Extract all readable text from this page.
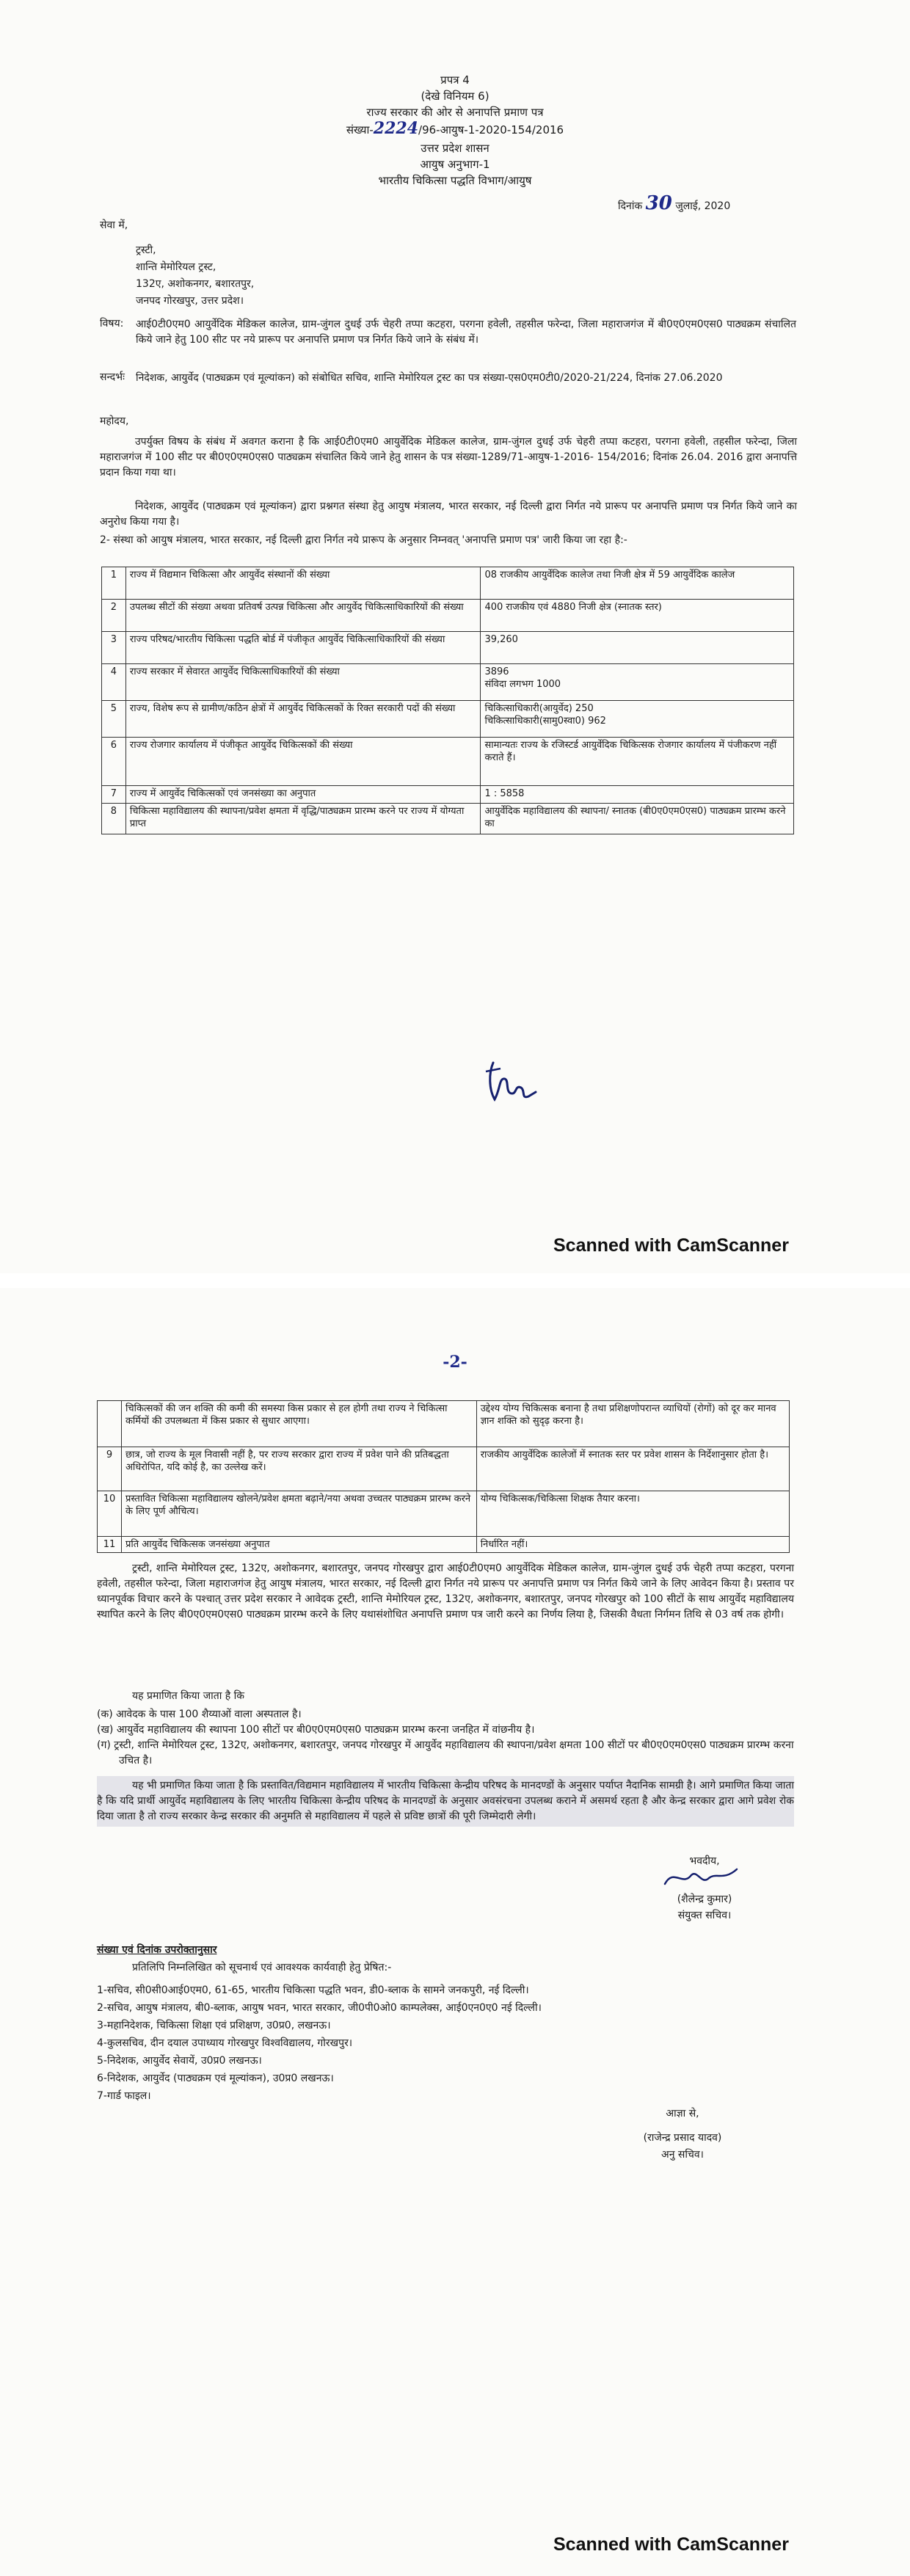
प्रपत्र 4
(देखे विनियम 6)
राज्य सरकार की ओर से अनापत्ति प्रमाण पत्र
संख्या-2224/96-आयुष-1-2020-154/2016
उत्तर प्रदेश शासन
आयुष अनुभाग-1
भारतीय चिकित्सा पद्धति विभाग/आयुष
दिनांक 30 जुलाई, 2020
सेवा में,
ट्रस्टी,
शान्ति मेमोरियल ट्रस्ट,
132ए, अशोकनगर, बशारतपुर,
जनपद गोरखपुर, उत्तर प्रदेश।
विषय: आई0टी0एम0 आयुर्वेदिक मेडिकल कालेज, ग्राम-जुंगल दुधई उर्फ चेहरी तप्पा कटहरा, परगना हवेली, तहसील फरेन्दा, जिला महाराजगंज में बी0ए0एम0एस0 पाठ्यक्रम संचालित किये जाने हेतु 100 सीट पर नये प्रारूप पर अनापत्ति प्रमाण पत्र निर्गत किये जाने के संबंध में।
सन्दर्भः निदेशक, आयुर्वेद (पाठ्यक्रम एवं मूल्यांकन) को संबोधित सचिव, शान्ति मेमोरियल ट्रस्ट का पत्र संख्या-एस0एम0टी0/2020-21/224, दिनांक 27.06.2020
महोदय,
उपर्युक्त विषय के संबंध में अवगत कराना है कि आई0टी0एम0 आयुर्वेदिक मेडिकल कालेज, ग्राम-जुंगल दुधई उर्फ चेहरी तप्पा कटहरा, परगना हवेली, तहसील फरेन्दा, जिला महाराजगंज में 100 सीट पर बी0ए0एम0एस0 पाठ्यक्रम संचालित किये जाने हेतु शासन के पत्र संख्या-1289/71-आयुष-1-2016- 154/2016; दिनांक 26.04. 2016 द्वारा अनापत्ति प्रदान किया गया था।
निदेशक, आयुर्वेद (पाठ्यक्रम एवं मूल्यांकन) द्वारा प्रश्नगत संस्था हेतु आयुष मंत्रालय, भारत सरकार, नई दिल्ली द्वारा निर्गत नये प्रारूप पर अनापत्ति प्रमाण पत्र निर्गत किये जाने का अनुरोध किया गया है।
2- संस्था को आयुष मंत्रालय, भारत सरकार, नई दिल्ली द्वारा निर्गत नये प्रारूप के अनुसार निम्नवत् 'अनापत्ति प्रमाण पत्र' जारी किया जा रहा है:-
1	राज्य में विद्यमान चिकित्सा और आयुर्वेद संस्थानों की संख्या	08 राजकीय आयुर्वेदिक कालेज तथा निजी क्षेत्र में 59 आयुर्वेदिक कालेज
2	उपलब्ध सीटों की संख्या अथवा प्रतिवर्ष उत्पन्न चिकित्सा और आयुर्वेद चिकित्साधिकारियों की संख्या	400 राजकीय एवं 4880 निजी क्षेत्र (स्नातक स्तर)
3	राज्य परिषद/भारतीय चिकित्सा पद्धति बोर्ड में पंजीकृत आयुर्वेद चिकित्साधिकारियों की संख्या	39,260
4	राज्य सरकार में सेवारत आयुर्वेद चिकित्साधिकारियों की संख्या	3896
संविदा लगभग 1000
5	राज्य, विशेष रूप से ग्रामीण/कठिन क्षेत्रों में आयुर्वेद चिकित्सकों के रिक्त सरकारी पदों की संख्या	चिकित्साधिकारी(आयुर्वेद) 250
चिकित्साधिकारी(सामु0स्वा0) 962
6	राज्य रोजगार कार्यालय में पंजीकृत आयुर्वेद चिकित्सकों की संख्या	सामान्यतः राज्य के रजिस्टर्ड आयुर्वेदिक चिकित्सक रोजगार कार्यालय में पंजीकरण नहीं कराते हैं।
7	राज्य में आयुर्वेद चिकित्सकों एवं जनसंख्या का अनुपात	1 : 5858
8	चिकित्सा महाविद्यालय की स्थापना/प्रवेश क्षमता में वृद्धि/पाठ्यक्रम प्रारम्भ करने पर राज्य में योग्यता प्राप्त	आयुर्वेदिक महाविद्यालय की स्थापना/ स्नातक (बी0ए0एम0एस0) पाठ्यक्रम प्रारम्भ करने का
Scanned with CamScanner
-2-
	चिकित्सकों की जन शक्ति की कमी की समस्या किस प्रकार से हल होगी तथा राज्य ने चिकित्सा कर्मियों की उपलब्धता में किस प्रकार से सुधार आएगा।	उद्देश्य योग्य चिकित्सक बनाना है तथा प्रशिक्षणोपरान्त व्याधियों (रोगों) को दूर कर मानव ज्ञान शक्ति को सुदृढ़ करना है।
9	छात्र, जो राज्य के मूल निवासी नहीं है, पर राज्य सरकार द्वारा राज्य में प्रवेश पाने की प्रतिबद्धता अधिरोपित, यदि कोई है, का उल्लेख करें।	राजकीय आयुर्वेदिक कालेजों में स्नातक स्तर पर प्रवेश शासन के निर्देशानुसार होता है।
10	प्रस्तावित चिकित्सा महाविद्यालय खोलने/प्रवेश क्षमता बढ़ाने/नया अथवा उच्चतर पाठ्यक्रम प्रारम्भ करने के लिए पूर्ण औचित्य।	योग्य चिकित्सक/चिकित्सा शिक्षक तैयार करना।
11	प्रति आयुर्वेद चिकित्सक जनसंख्या अनुपात	निर्धारित नहीं।
ट्रस्टी, शान्ति मेमोरियल ट्रस्ट, 132ए, अशोकनगर, बशारतपुर, जनपद गोरखपुर द्वारा आई0टी0एम0 आयुर्वेदिक मेडिकल कालेज, ग्राम-जुंगल दुधई उर्फ चेहरी तप्पा कटहरा, परगना हवेली, तहसील फरेन्दा, जिला महाराजगंज हेतु आयुष मंत्रालय, भारत सरकार, नई दिल्ली द्वारा निर्गत नये प्रारूप पर अनापत्ति प्रमाण पत्र निर्गत किये जाने के लिए आवेदन किया है। प्रस्ताव पर ध्यानपूर्वक विचार करने के पश्चात् उत्तर प्रदेश सरकार ने आवेदक ट्रस्टी, शान्ति मेमोरियल ट्रस्ट, 132ए, अशोकनगर, बशारतपुर, जनपद गोरखपुर को 100 सीटों के साथ आयुर्वेद महाविद्यालय स्थापित करने के लिए बी0ए0एम0एस0 पाठ्यक्रम प्रारम्भ करने के लिए यथासंशोधित अनापत्ति प्रमाण पत्र जारी करने का निर्णय लिया है, जिसकी वैधता निर्गमन तिथि से 03 वर्ष तक होगी।
यह प्रमाणित किया जाता है कि
(क) आवेदक के पास 100 शैय्याओं वाला अस्पताल है।
(ख) आयुर्वेद महाविद्यालय की स्थापना 100 सीटों पर बी0ए0एम0एस0 पाठ्यक्रम प्रारम्भ करना जनहित में वांछनीय है।
(ग) ट्रस्टी, शान्ति मेमोरियल ट्रस्ट, 132ए, अशोकनगर, बशारतपुर, जनपद गोरखपुर में आयुर्वेद महाविद्यालय की स्थापना/प्रवेश क्षमता 100 सीटों पर बी0ए0एम0एस0 पाठ्यक्रम प्रारम्भ करना उचित है।
यह भी प्रमाणित किया जाता है कि प्रस्तावित/विद्यमान महाविद्यालय में भारतीय चिकित्सा केन्द्रीय परिषद के मानदण्डों के अनुसार पर्याप्त नैदानिक सामग्री है। आगे प्रमाणित किया जाता है कि यदि प्रार्थी आयुर्वेद महाविद्यालय के लिए भारतीय चिकित्सा केन्द्रीय परिषद के मानदण्डों के अनुसार अवसंरचना उपलब्ध कराने में असमर्थ रहता है और केन्द्र सरकार द्वारा आगे प्रवेश रोक दिया जाता है तो राज्य सरकार केन्द्र सरकार की अनुमति से महाविद्यालय में पहले से प्रविष्ट छात्रों की पूरी जिम्मेदारी लेगी।
भवदीय,
(शैलेन्द्र कुमार)
संयुक्त सचिव।
संख्या एवं दिनांक उपरोक्तानुसार
प्रतिलिपि निम्नलिखित को सूचनार्थ एवं आवश्यक कार्यवाही हेतु प्रेषित:-
1-सचिव, सी0सी0आई0एम0, 61-65, भारतीय चिकित्सा पद्धति भवन, डी0-ब्लाक के सामने जनकपुरी, नई दिल्ली।
2-सचिव, आयुष मंत्रालय, बी0-ब्लाक, आयुष भवन, भारत सरकार, जी0पी0ओ0 काम्पलेक्स, आई0एन0ए0 नई दिल्ली।
3-महानिदेशक, चिकित्सा शिक्षा एवं प्रशिक्षण, उ0प्र0, लखनऊ।
4-कुलसचिव, दीन दयाल उपाध्याय गोरखपुर विश्वविद्यालय, गोरखपुर।
5-निदेशक, आयुर्वेद सेवायें, उ0प्र0 लखनऊ।
6-निदेशक, आयुर्वेद (पाठ्यक्रम एवं मूल्यांकन), उ0प्र0 लखनऊ।
7-गार्ड फाइल।
आज्ञा से,
(राजेन्द्र प्रसाद यादव)
अनु सचिव।
Scanned with CamScanner
